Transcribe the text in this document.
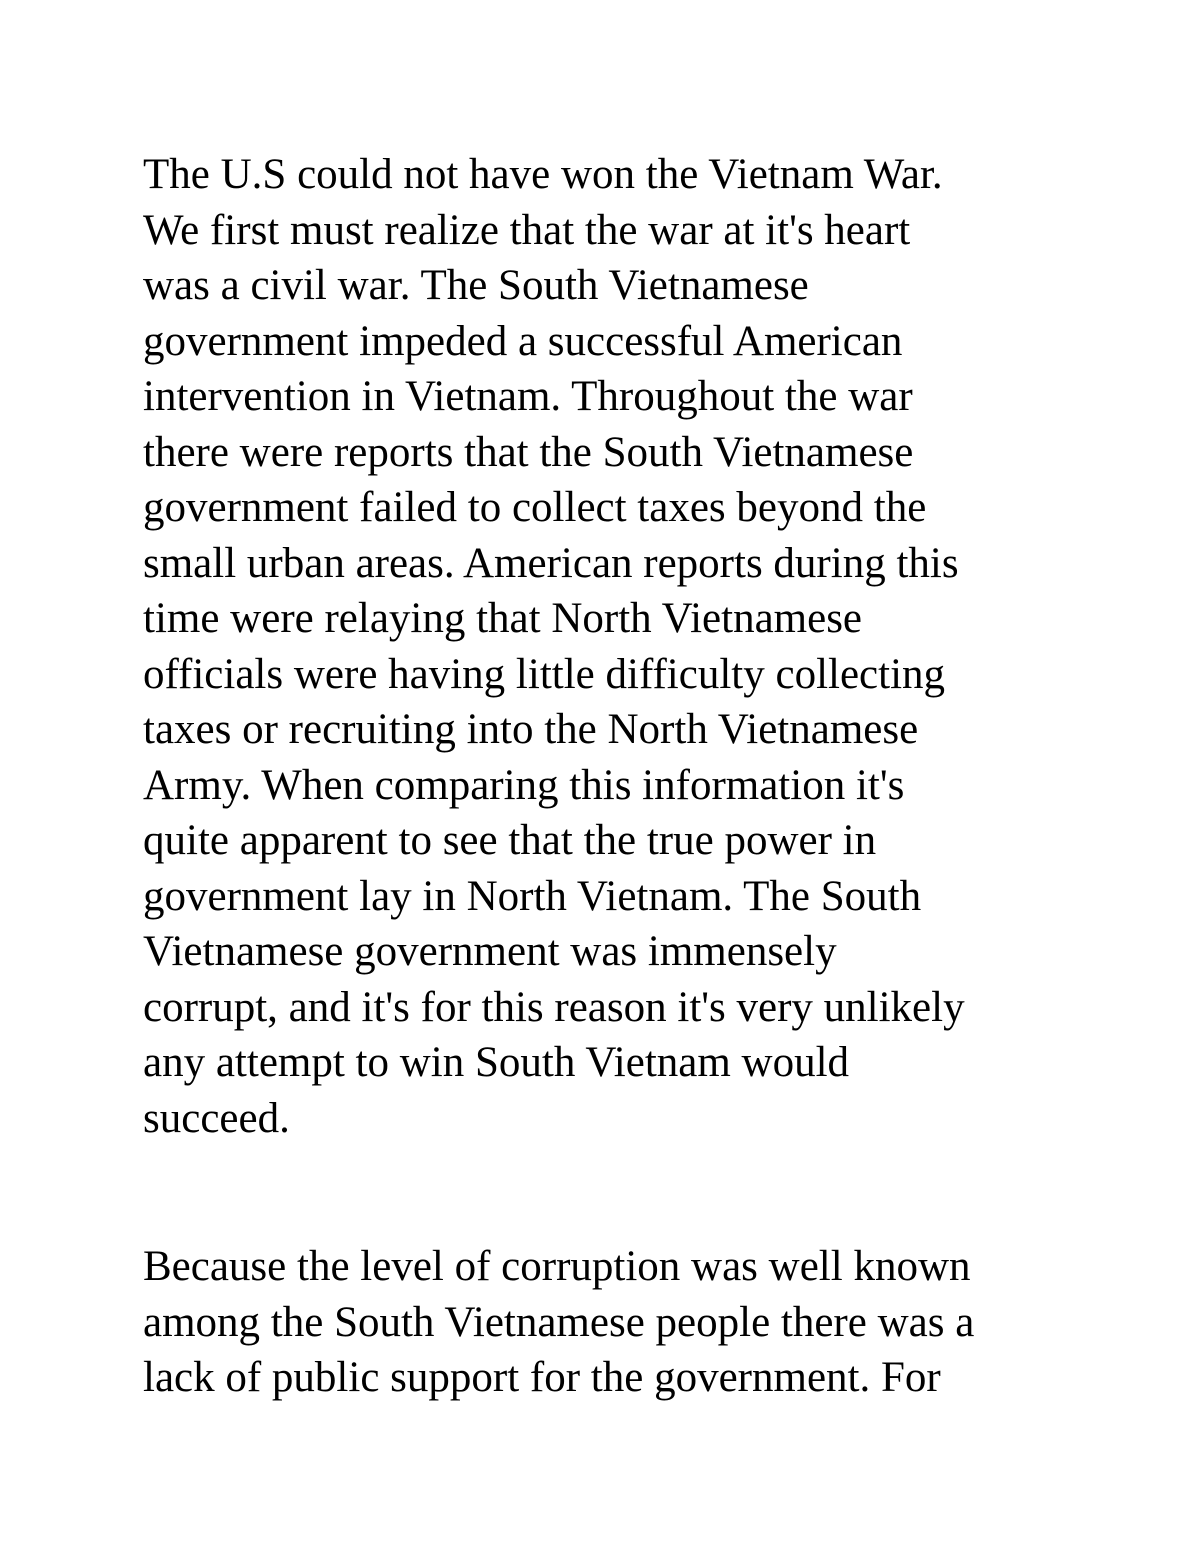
The U.S could not have won the Vietnam War.
We first must realize that the war at it's heart
was a civil war. The South Vietnamese
government impeded a successful American
intervention in Vietnam. Throughout the war
there were reports that the South Vietnamese
government failed to collect taxes beyond the
small urban areas. American reports during this
time were relaying that North Vietnamese
officials were having little difficulty collecting
taxes or recruiting into the North Vietnamese
Army. When comparing this information it's
quite apparent to see that the true power in
government lay in North Vietnam. The South
Vietnamese government was immensely
corrupt, and it's for this reason it's very unlikely
any attempt to win South Vietnam would
succeed.

Because the level of corruption was well known
among the South Vietnamese people there was a
lack of public support for the government. For
